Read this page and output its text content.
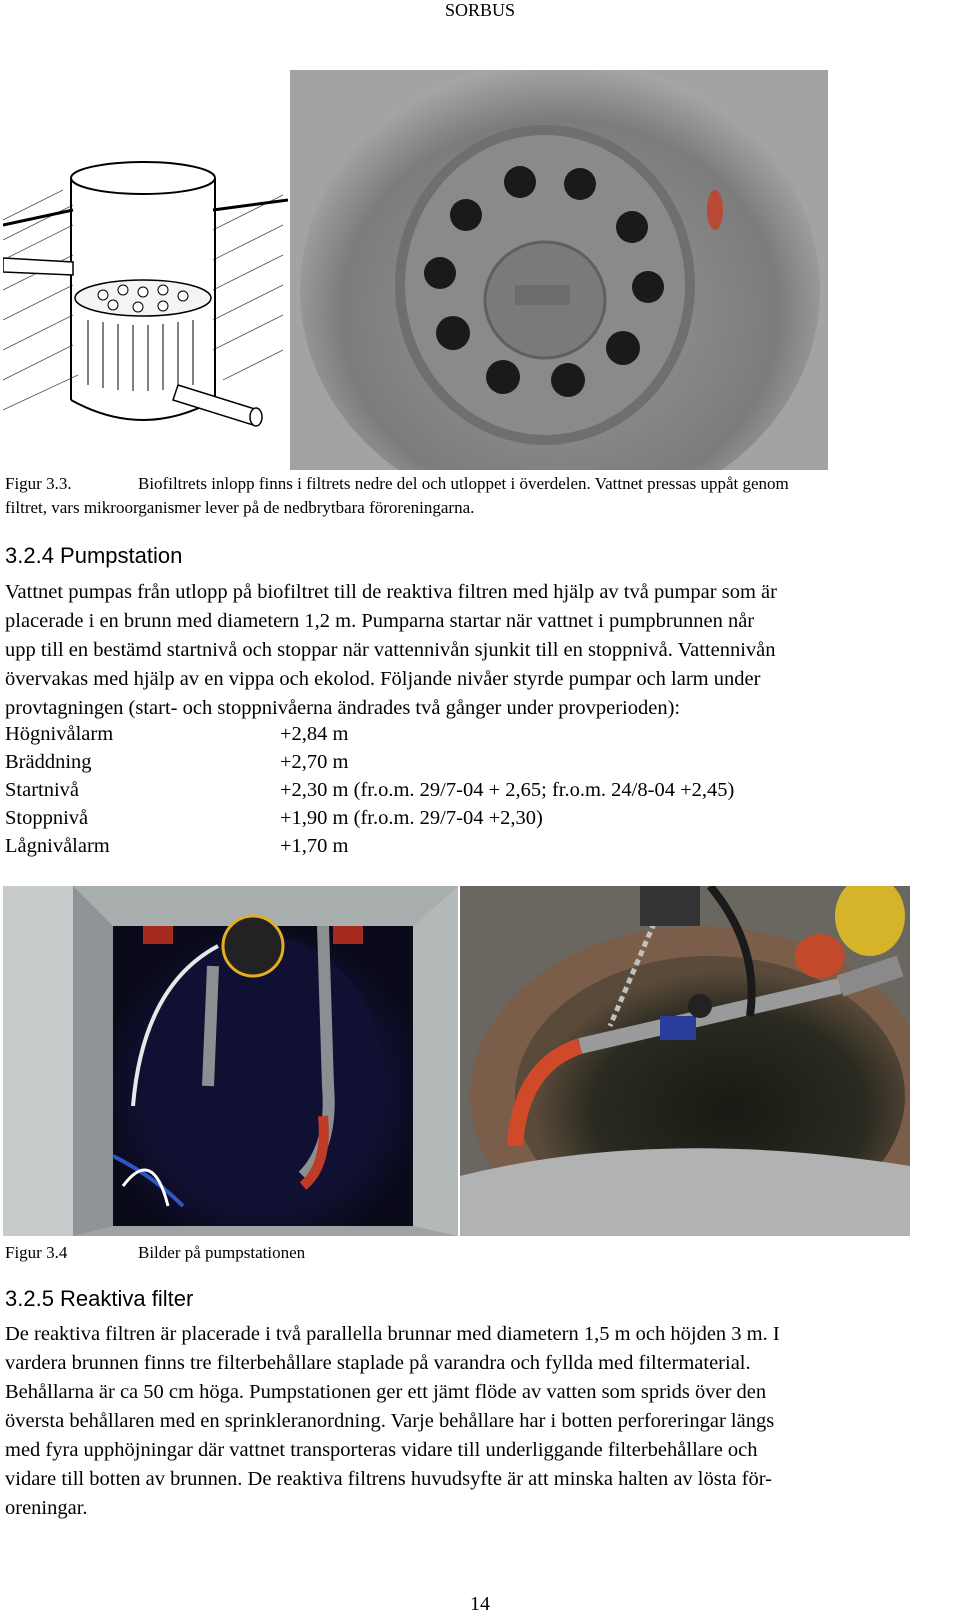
SORBUS
Figur 3.3.	Biofiltrets inlopp finns i filtrets nedre del och utloppet i överdelen. Vattnet pressas uppåt genom
filtret, vars mikroorganismer lever på de nedbrytbara föroreningarna.
3.2.4 Pumpstation
Vattnet pumpas från utlopp på biofiltret till de reaktiva filtren med hjälp av två pumpar som är
placerade i en brunn med diametern 1,2 m. Pumparna startar när vattnet i pumpbrunnen når
upp till en bestämd startnivå och stoppar när vattennivån sjunkit till en stoppnivå. Vattennivån
övervakas med hjälp av en vippa och ekolod. Följande nivåer styrde pumpar och larm under
provtagningen (start- och stoppnivåerna ändrades två gånger under provperioden):
Högnivålarm	+2,84 m
Bräddning	+2,70 m
Startnivå	+2,30 m (fr.o.m. 29/7-04 + 2,65; fr.o.m. 24/8-04 +2,45)
Stoppnivå	+1,90 m (fr.o.m. 29/7-04 +2,30)
Lågnivålarm	+1,70 m
Figur 3.4	Bilder på pumpstationen
3.2.5 Reaktiva filter
De reaktiva filtren är placerade i två parallella brunnar med diametern 1,5 m och höjden 3 m. I
vardera brunnen finns tre filterbehållare staplade på varandra och fyllda med filtermaterial.
Behållarna är ca 50 cm höga. Pumpstationen ger ett jämt flöde av vatten som sprids över den
översta behållaren med en sprinkleranordning. Varje behållare har i botten perforeringar längs
med fyra upphöjningar där vattnet transporteras vidare till underliggande filterbehållare och
vidare till botten av brunnen. De reaktiva filtrens huvudsyfte är att minska halten av lösta för-
oreningar.
14
